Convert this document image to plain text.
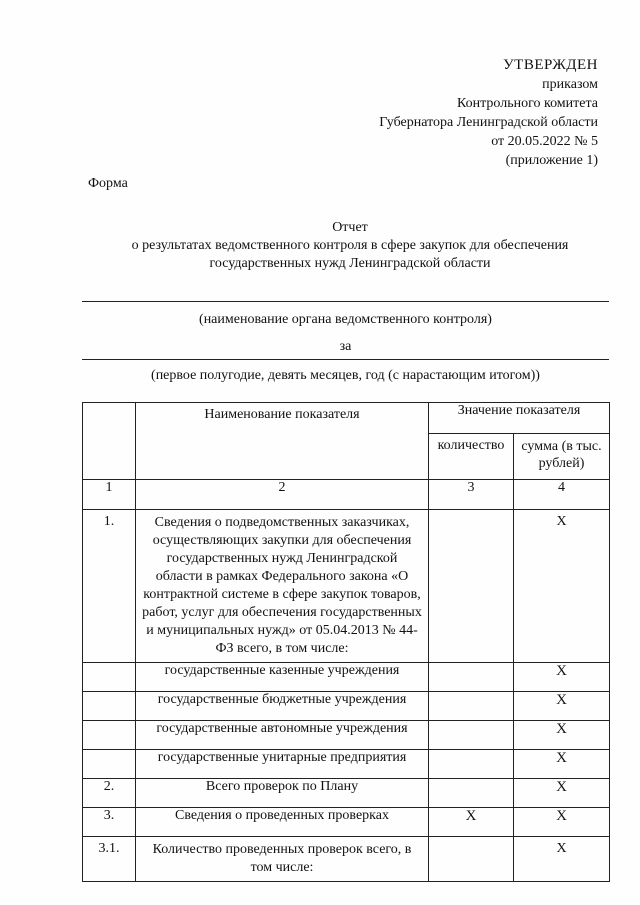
УТВЕРЖДЕН
приказом
Контрольного комитета
Губернатора Ленинградской области
от 20.05.2022 № 5
(приложение 1)
Форма
Отчет
о результатах ведомственного контроля в сфере закупок для обеспечения
государственных нужд Ленинградской области
(наименование органа ведомственного контроля)
за
(первое полугодие, девять месяцев, год (с нарастающим итогом))

	Наименование показателя	Значение показателя	

		количество	сумма (в тыс. рублей)

1	2	3	4

1.	Сведения о подведомственных заказчиках, осуществляющих закупки для обеспечения государственных нужд Ленинградской области в рамках Федерального закона «О контрактной системе в сфере закупок товаров, работ, услуг для обеспечения государственных и муниципальных нужд» от 05.04.2013 № 44-ФЗ всего, в том числе:		X

	государственные казенные учреждения		X
	государственные бюджетные учреждения		X
	государственные автономные учреждения		X
	государственные унитарные предприятия		X
2.	Всего проверок по Плану		X
3.	Сведения о проведенных проверках	X	X

3.1.	Количество проведенных проверок всего, в том числе:		X
